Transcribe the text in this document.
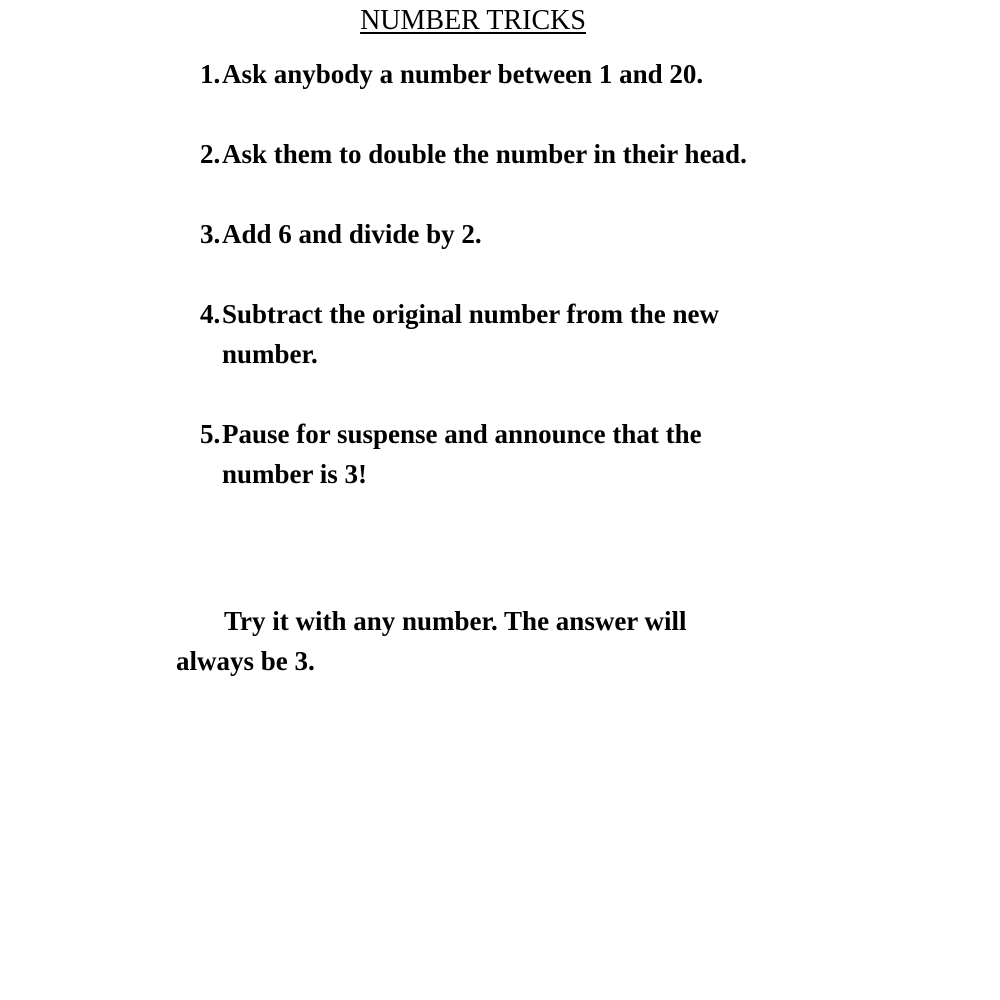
NUMBER TRICKS
1. Ask anybody a number between 1 and 20.
2. Ask them to double the number in their head.
3. Add 6 and divide by 2.
4. Subtract the original number from the new number.
5. Pause for suspense and announce that the number is 3!

Try it with any number. The answer will always be 3.
